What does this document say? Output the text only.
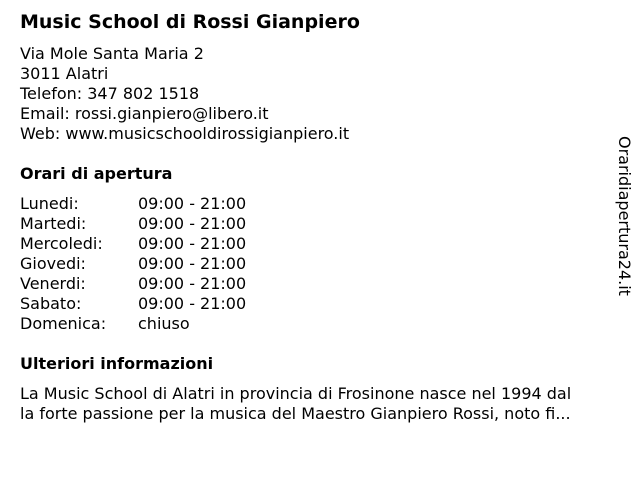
Music School di Rossi Gianpiero
Via Mole Santa Maria 2
3011 Alatri
Telefon: 347 802 1518
Email: rossi.gianpiero@libero.it
Web: www.musicschooldirossigianpiero.it
Orari di apertura
Lunedi:	09:00 - 21:00
Martedi:	09:00 - 21:00
Mercoledi: 09:00 - 21:00
Giovedi:	09:00 - 21:00
Venerdi:	09:00 - 21:00
Sabato:	09:00 - 21:00
Domenica: chiuso
Ulteriori informazioni
La Music School di Alatri in provincia di Frosinone nasce nel 1994 dal
la forte passione per la musica del Maestro Gianpiero Rossi, noto fi...
Oraridiapertura24.it
